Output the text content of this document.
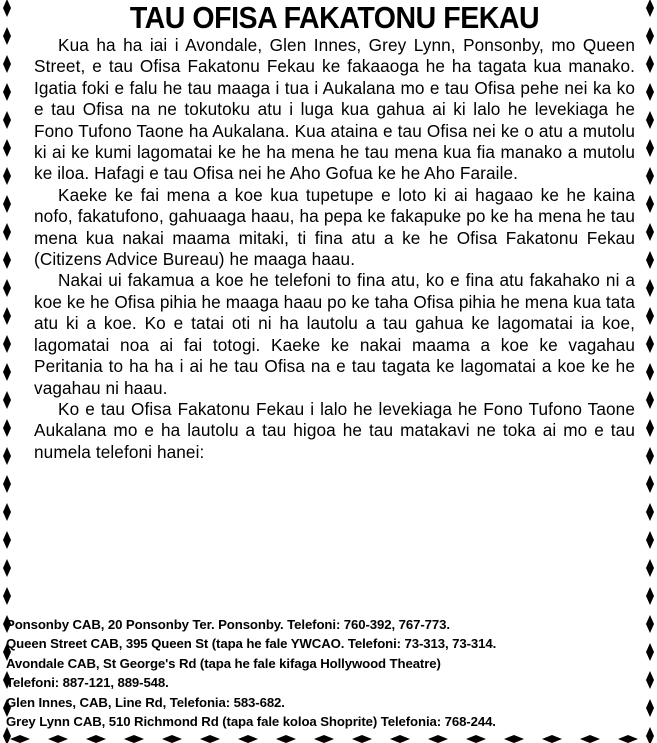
TAU OFISA FAKATONU FEKAU

Kua ha ha iai i Avondale, Glen Innes, Grey Lynn, Ponsonby, mo Queen Street, e tau Ofisa Fakatonu Fekau ke fakaaoga he ha tagata kua manako. Igatia foki e falu he tau maaga i tua i Aukalana mo e tau Ofisa pehe nei ka ko e tau Ofisa na ne tokutoku atu i luga kua gahua ai ki lalo he levekiaga he Fono Tufono Taone ha Aukalana. Kua ataina e tau Ofisa nei ke o atu a mutolu ki ai ke kumi lagomatai ke he ha mena he tau mena kua fia manako a mutolu ke iloa. Hafagi e tau Ofisa nei he Aho Gofua ke he Aho Faraile.

Kaeke ke fai mena a koe kua tupetupe e loto ki ai hagaao ke he kaina nofo, fakatufono, gahuaaga haau, ha pepa ke fakapuke po ke ha mena he tau mena kua nakai maama mitaki, ti fina atu a ke he Ofisa Fakatonu Fekau (Citizens Advice Bureau) he maaga haau.

Nakai ui fakamua a koe he telefoni to fina atu, ko e fina atu fakahako ni a koe ke he Ofisa pihia he maaga haau po ke taha Ofisa pihia he mena kua tata atu ki a koe. Ko e tatai oti ni ha lautolu a tau gahua ke lagomatai ia koe, lagomatai noa ai fai totogi. Kaeke ke nakai maama a koe ke vagahau Peritania to ha ha i ai he tau Ofisa na e tau tagata ke lagomatai a koe ke he vagahau ni haau.

Ko e tau Ofisa Fakatonu Fekau i lalo he levekiaga he Fono Tufono Taone Aukalana mo e ha lautolu a tau higoa he tau matakavi ne toka ai mo e tau numela telefoni hanei:

Ponsonby CAB, 20 Ponsonby Ter. Ponsonby. Telefoni: 760-392, 767-773.
Queen Street CAB, 395 Queen St (tapa he fale YWCAO. Telefoni: 73-313, 73-314.
Avondale CAB, St George's Rd (tapa he fale kifaga Hollywood Theatre)
Telefoni: 887-121, 889-548.
Glen Innes, CAB, Line Rd, Telefonia: 583-682.
Grey Lynn CAB, 510 Richmond Rd (tapa fale koloa Shoprite) Telefonia: 768-244.
